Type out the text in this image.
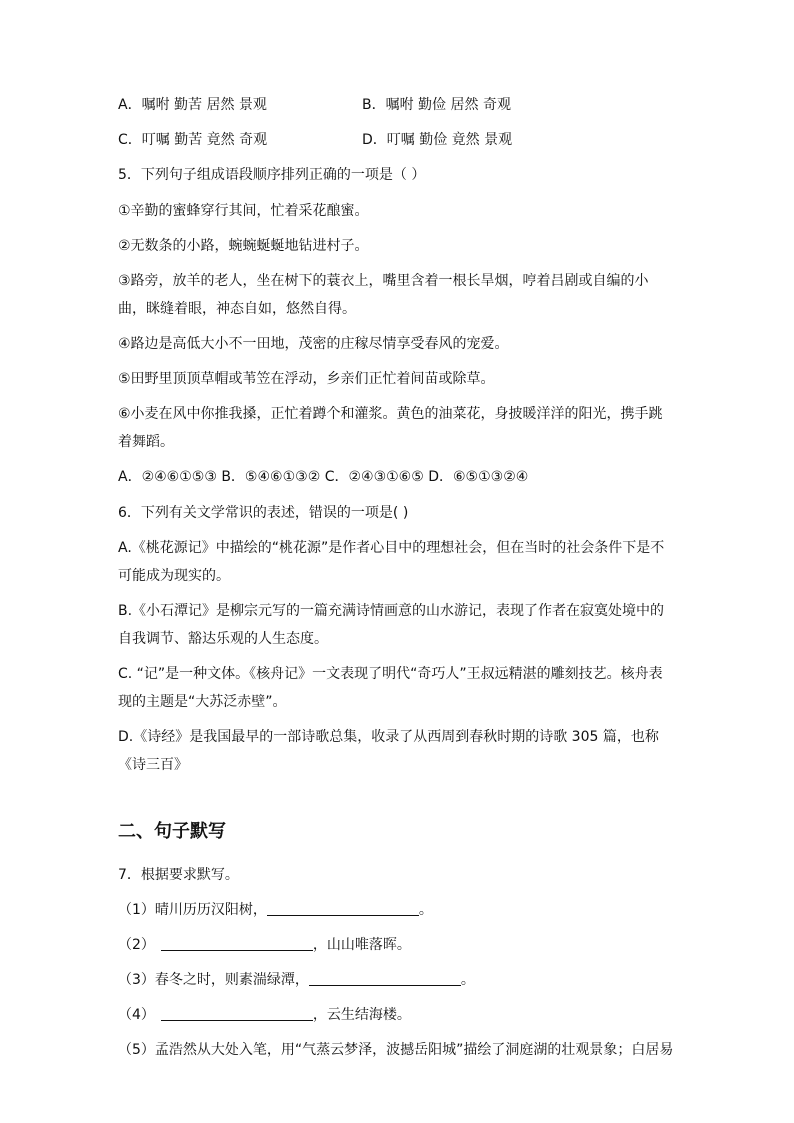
A．嘱咐 勤苦 居然 景观	B．嘱咐 勤俭 居然 奇观
C．叮嘱 勤苦 竟然 奇观	D．叮嘱 勤俭 竟然 景观
5．下列句子组成语段顺序排列正确的一项是（ ）
①辛勤的蜜蜂穿行其间，忙着采花酿蜜。
②无数条的小路，蜿蜿蜒蜒地钻进村子。
③路旁，放羊的老人，坐在树下的蓑衣上，嘴里含着一根长旱烟，哼着吕剧或自编的小
曲，眯缝着眼，神态自如，悠然自得。
④路边是高低大小不一田地，茂密的庄稼尽情享受春风的宠爱。
⑤田野里顶顶草帽或苇笠在浮动，乡亲们正忙着间苗或除草。
⑥小麦在风中你推我搡，正忙着蹲个和灌浆。黄色的油菜花，身披暖洋洋的阳光，携手跳
着舞蹈。
A．②④⑥①⑤③ B．⑤④⑥①③② C．②④③①⑥⑤ D．⑥⑤①③②④
6．下列有关文学常识的表述，错误的一项是( )
A.《桃花源记》中描绘的“桃花源”是作者心目中的理想社会，但在当时的社会条件下是不
可能成为现实的。
B.《小石潭记》是柳宗元写的一篇充满诗情画意的山水游记，表现了作者在寂寞处境中的
自我调节、豁达乐观的人生态度。
C. “记”是一种文体。《核舟记》一文表现了明代“奇巧人”王叔远精湛的雕刻技艺。核舟表
现的主题是“大苏泛赤壁”。
D.《诗经》是我国最早的一部诗歌总集，收录了从西周到春秋时期的诗歌 305 篇，也称
《诗三百》
二、句子默写
7．根据要求默写。
（1）晴川历历汉阳树，	。
（2）	，山山唯落晖。
（3）春冬之时，则素湍绿潭，	。
（4）	，云生结海楼。
（5）孟浩然从大处入笔，用“气蒸云梦泽，波撼岳阳城”描绘了洞庭湖的壮观景象；白居易
